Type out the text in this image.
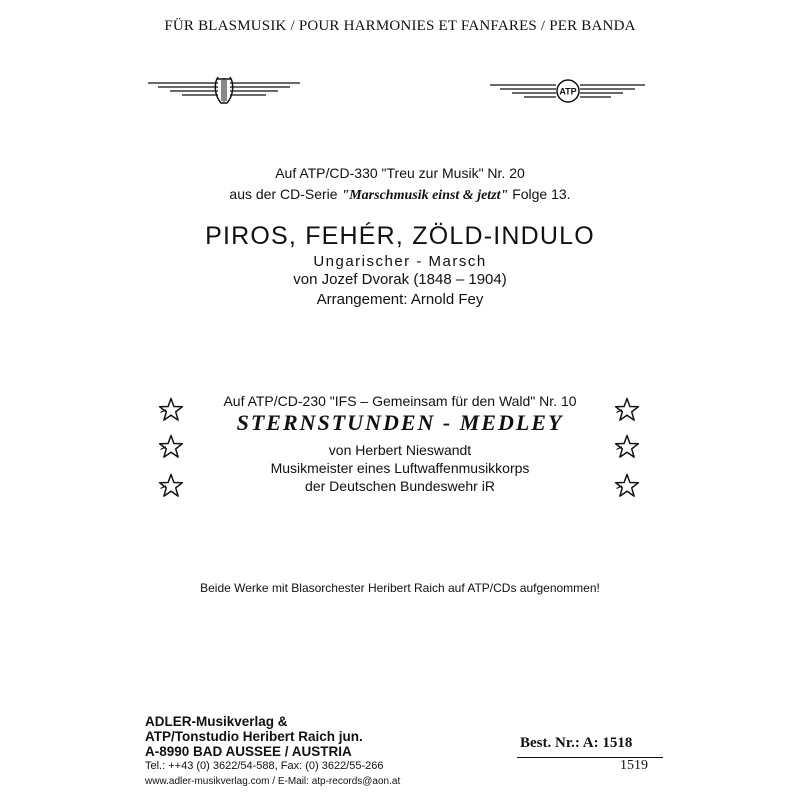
FÜR BLASMUSIK / POUR HARMONIES ET FANFARES / PER BANDA
ATP
Auf ATP/CD-330 "Treu zur Musik" Nr. 20
aus der CD-Serie "Marschmusik einst & jetzt" Folge 13.
PIROS, FEHÉR, ZÖLD-INDULO
Ungarischer - Marsch
von Jozef Dvorak (1848 – 1904)
Arrangement: Arnold Fey
Auf ATP/CD-230 "IFS – Gemeinsam für den Wald" Nr. 10
STERNSTUNDEN - MEDLEY
von Herbert Nieswandt
Musikmeister eines Luftwaffenmusikkorps
der Deutschen Bundeswehr iR
Beide Werke mit Blasorchester Heribert Raich auf ATP/CDs aufgenommen!
ADLER-Musikverlag &
ATP/Tonstudio Heribert Raich jun.
A-8990 BAD AUSSEE / AUSTRIA
Tel.: ++43 (0) 3622/54-588, Fax: (0) 3622/55-266
www.adler-musikverlag.com / E-Mail: atp-records@aon.at
Best. Nr.: A: 1518
1519
